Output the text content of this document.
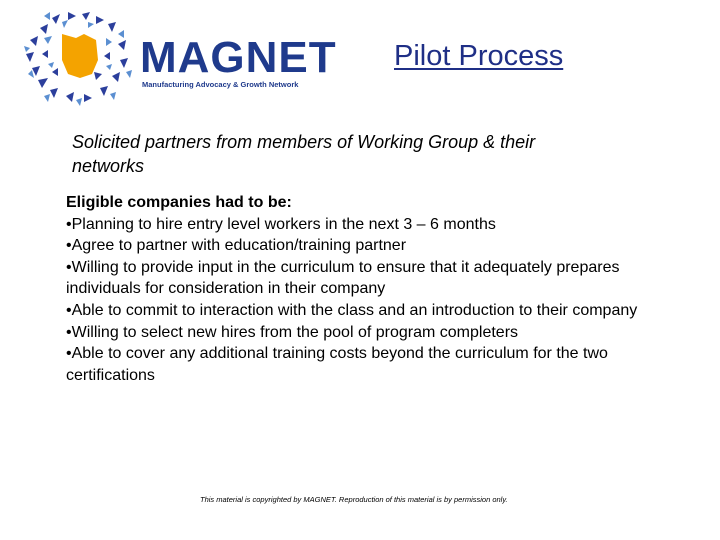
MAGNET
Manufacturing Advocacy & Growth Network
Pilot Process
Solicited partners from members of Working Group & their networks
Eligible companies had to be:
• Planning to hire entry level workers in the next 3 – 6 months
• Agree to partner with education/training partner
• Willing to provide input in the curriculum to ensure that it adequately prepares individuals for consideration in their company
• Able to commit to interaction with the class and an introduction to their company
• Willing to select new hires from the pool of program completers
• Able to cover any additional training costs beyond the curriculum for the two certifications
This material is copyrighted by MAGNET. Reproduction of this material is by permission only.
